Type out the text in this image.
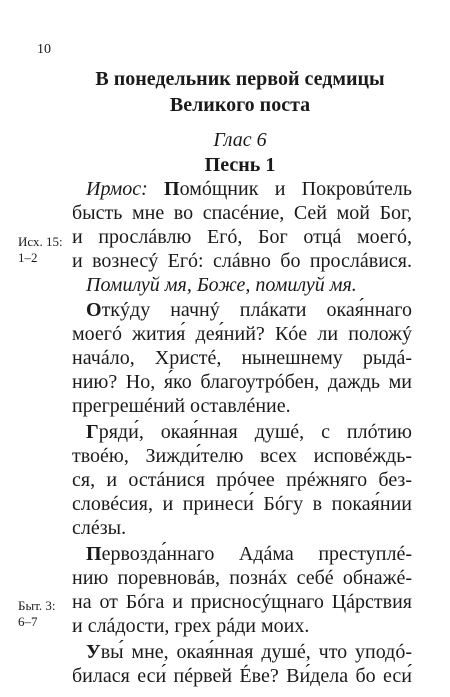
10
В понедельник первой седмицы
Великого поста
Глас 6
Песнь 1
Ирмос: Помóщник и Покровúтель
бысть мне во спасéние, Сей мой Бог,
и прослáвлю Егó, Бог отцá моегó,
и вознесý Егó: слáвно бо прослáвися.
Исх. 15:
1–2
Помилуй мя, Боже, помилуй мя.
Откýду начнý плáкати окая́ннаго
моегó жития́ дея́ний? Кóе ли положý
начáло, Христé, нынешнему рыдá-
нию? Но, я́ко благоутрóбен, даждь ми
прегрешéний оставлéние.
Гряди́, окая́нная душé, с плóтию
твоéю, Зижди́телю всех исповéждь-
ся, и остáнися прóчее прéжняго без-
словéсия, и принеси́ Бóгу в покая́нии
слéзы.
Первозда́ннаго Адáма преступлé-
нию поревновáв, познáх себé обнажé-
на от Бóга и присносýщнаго Цáрствия
и слáдости, грех рáди моих.
Быт. 3:
6–7
Увы́ мне, окая́нная душé, что уподó-
билася еси́ пéрвей Éве? Ви́дела бо еси́
